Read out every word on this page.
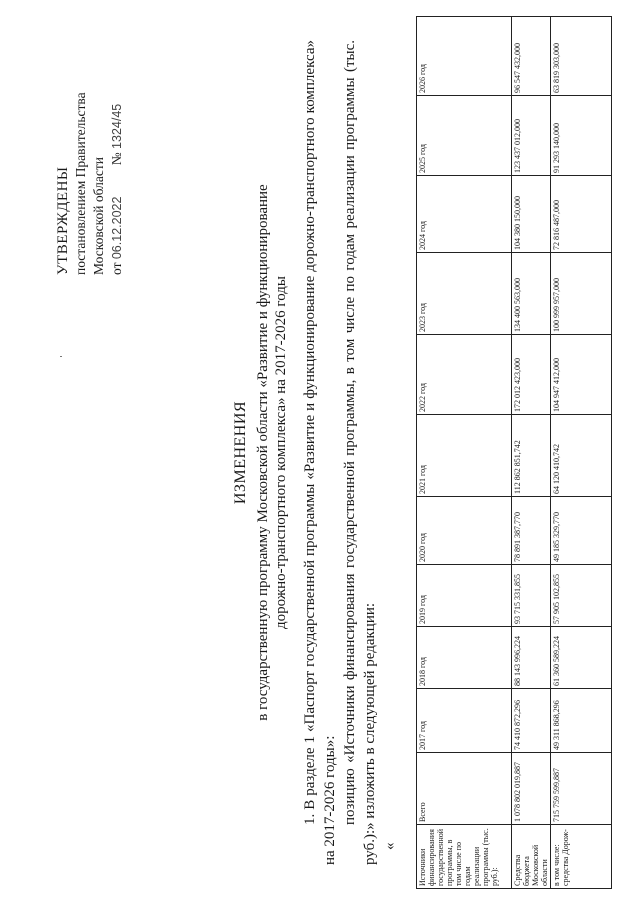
УТВЕРЖДЕНЫ постановлением Правительства Московской области от 06.12.2022 № 1324/45
ИЗМЕНЕНИЯ в государственную программу Московской области «Развитие и функционирование дорожно-транспортного комплекса» на 2017-2026 годы 1. В разделе 1 «Паспорт государственной программы «Развитие и функционирование дорожно-транспортного комплекса» на 2017-2026 годы»: позицию «Источники финансирования государственной программы, в том числе по годам реализации программы (тыс. руб.):» изложить в следующей редакции: «

Источники финансирования государственной программы, в том числе по годам реализации программы (тыс. руб.):	Всего	2017 год	2018 год	2019 год	2020 год	2021 год	2022 год	2023 год	2024 год	2025 год	2026 год
Средства бюджета Московской области	1 078 802 019,887	74 410 872,296	88 143 996,224	93 715 331,855	78 891 387,770	112 862 851,742	172 012 423,000	134 400 563,000	104 380 150,000	123 437 012,000	96 547 432,000
в том числе: средства Дорож-	715 759 599,887	49 311 868,296	61 360 589,224	57 905 102,855	49 185 329,770	64 120 410,742	104 947 412,000	100 999 957,000	72 816 487,000	91 293 140,000	63 819 303,000
